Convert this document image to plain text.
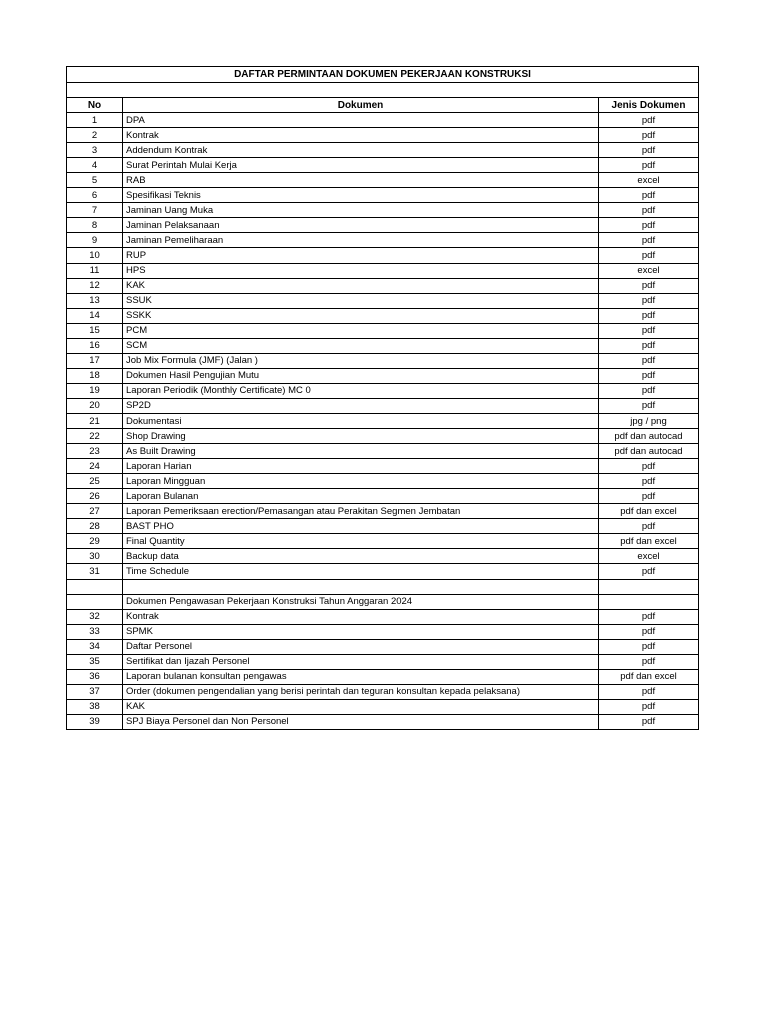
DAFTAR PERMINTAAN DOKUMEN PEKERJAAN KONSTRUKSI		

No	Dokumen	Jenis Dokumen
1	DPA	pdf
2	Kontrak	pdf
3	Addendum Kontrak	pdf
4	Surat Perintah Mulai Kerja	pdf
5	RAB	excel
6	Spesifikasi Teknis	pdf
7	Jaminan Uang Muka	pdf
8	Jaminan Pelaksanaan	pdf
9	Jaminan Pemeliharaan	pdf
10	RUP	pdf
11	HPS	excel
12	KAK	pdf
13	SSUK	pdf
14	SSKK	pdf
15	PCM	pdf
16	SCM	pdf
17	Job Mix Formula (JMF) (Jalan )	pdf
18	Dokumen Hasil Pengujian Mutu	pdf
19	Laporan Periodik (Monthly Certificate) MC 0	pdf
20	SP2D	pdf
21	Dokumentasi	jpg / png
22	Shop Drawing	pdf dan autocad
23	As Built Drawing	pdf dan autocad
24	Laporan Harian	pdf
25	Laporan Mingguan	pdf
26	Laporan Bulanan	pdf
27	Laporan Pemeriksaan erection/Pemasangan atau Perakitan Segmen Jembatan	pdf dan excel
28	BAST PHO	pdf
29	Final Quantity	pdf dan excel
30	Backup data	excel
31	Time Schedule	pdf

	Dokumen Pengawasan Pekerjaan Konstruksi Tahun Anggaran 2024	
32	Kontrak	pdf
33	SPMK	pdf
34	Daftar Personel	pdf
35	Sertifikat dan Ijazah Personel	pdf
36	Laporan bulanan konsultan pengawas	pdf dan excel
37	Order (dokumen pengendalian yang berisi perintah dan teguran konsultan kepada pelaksana)	pdf
38	KAK	pdf
39	SPJ Biaya Personel dan Non Personel	pdf
